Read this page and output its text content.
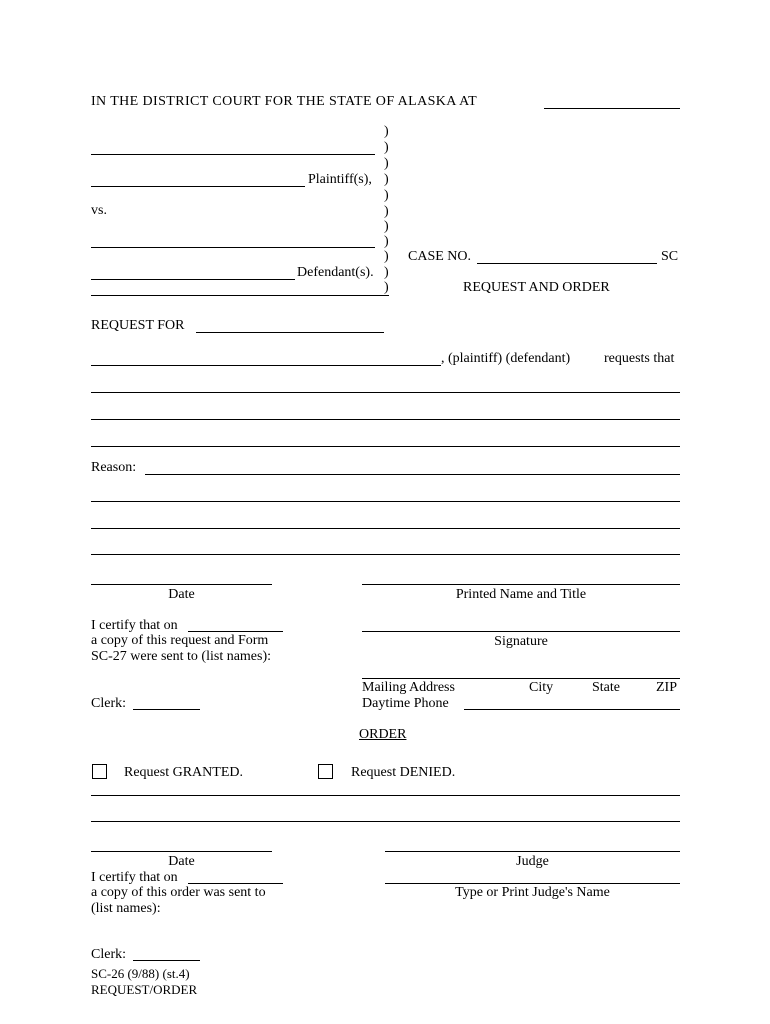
IN THE DISTRICT COURT FOR THE STATE OF ALASKA AT
)
)
)
)
)
)
)
)
Plaintiff(s), )
vs.
Defendant(s). )
)
CASE NO.	SC
REQUEST AND ORDER
REQUEST FOR
, (plaintiff) (defendant) requests that
Reason:
Date	Printed Name and Title
I certify that on
a copy of this request and Form
SC-27 were sent to (list names):
Signature
Mailing Address	City	State	ZIP
Daytime Phone
Clerk:
ORDER
Request GRANTED.	Request DENIED.
Date	Judge
I certify that on
a copy of this order was sent to
(list names):
Type or Print Judge's Name
Clerk:
SC-26 (9/88) (st.4)
REQUEST/ORDER
